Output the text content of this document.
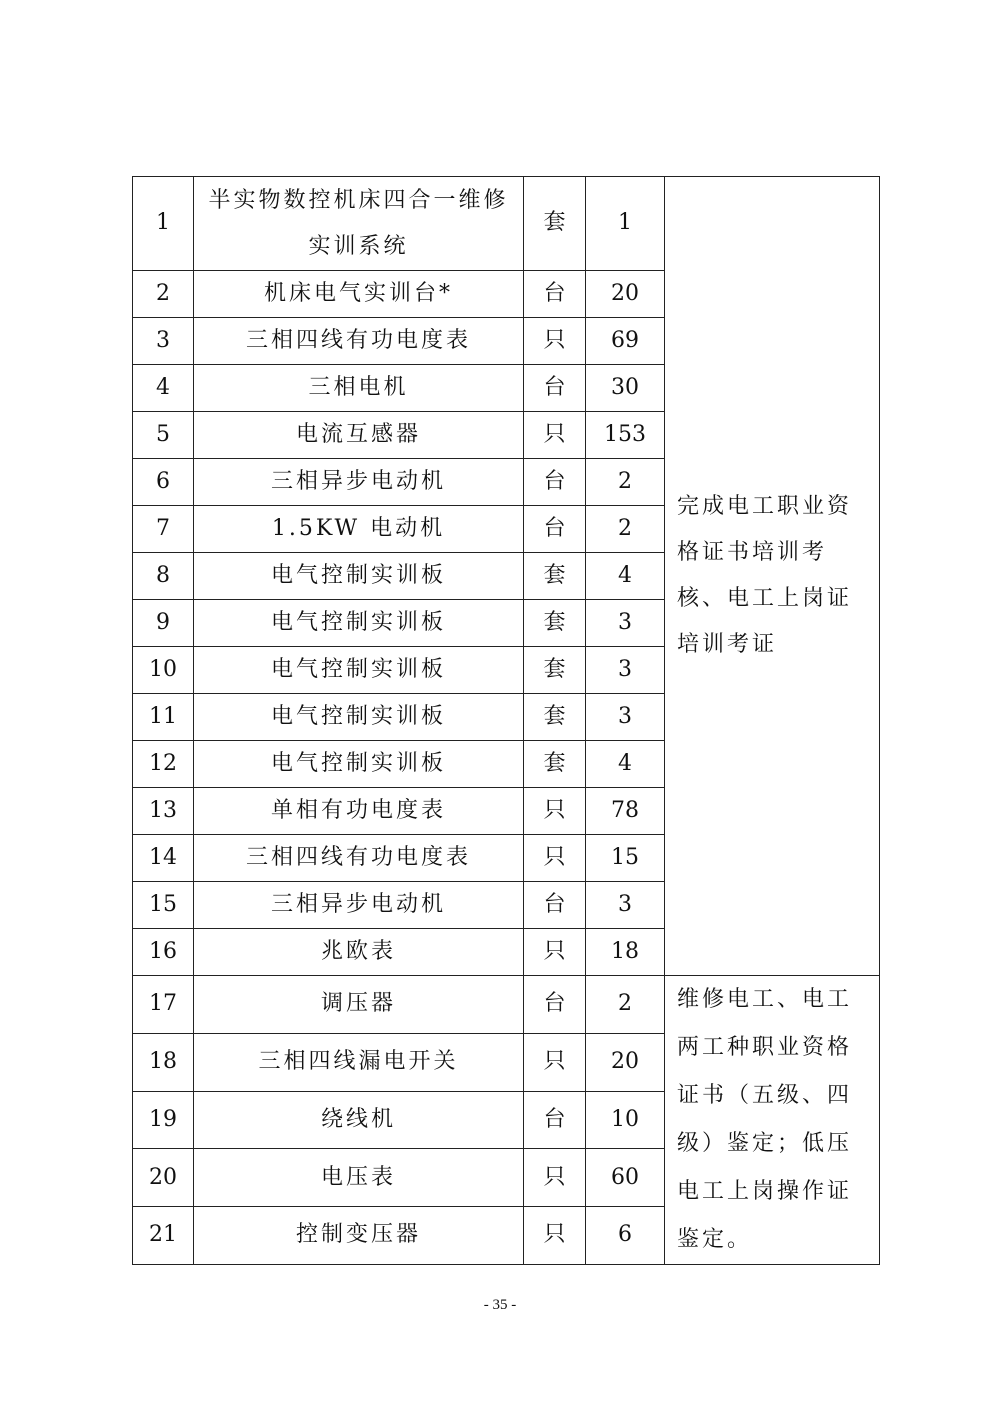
1	半实物数控机床四合一维修实训系统	套	1	完成电工职业资格证书培训考核、电工上岗证培训考证
2	机床电气实训台*	台	20	
3	三相四线有功电度表	只	69	
4	三相电机	台	30	
5	电流互感器	只	153	
6	三相异步电动机	台	2	
7	1.5KW 电动机	台	2	
8	电气控制实训板	套	4	
9	电气控制实训板	套	3	
10	电气控制实训板	套	3	
11	电气控制实训板	套	3	
12	电气控制实训板	套	4	
13	单相有功电度表	只	78	
14	三相四线有功电度表	只	15	
15	三相异步电动机	台	3	
16	兆欧表	只	18	
17	调压器	台	2	维修电工、电工两工种职业资格证书（五级、四级）鉴定；低压电工上岗操作证鉴定。
18	三相四线漏电开关	只	20	
19	绕线机	台	10	
20	电压表	只	60	
21	控制变压器	只	6	
- 35 -
